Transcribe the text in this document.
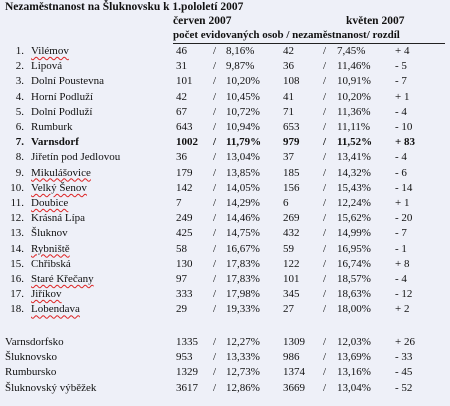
Nezaměstnanost na Šluknovsku k 1.pololetí 2007
červen 2007	květen 2007
počet evidovaných osob / nezaměstnanost/ rozdíl
1. Vilémov	46 / 8,16%	42	/ 7,45%	+ 4
2. Lipová	31 / 9,87%	36	/ 11,46% - 5
3. Dolní Poustevna	101 / 10,20% 108 / 10,91% - 7
4. Horní Podluží	42 / 10,45% 41	/ 10,20% + 1
5. Dolní Podluží	67 / 10,72% 71	/ 11,36% - 4
6. Rumburk	643 / 10,94% 653 / 11,11% - 10
7. Varnsdorf	1002 / 11,79% 979 / 11,52% + 83
8. Jiřetín pod Jedlovou	36 / 13,04% 37	/ 13,41% - 4
9. Mikulášovice	179 / 13,85% 185 / 14,32% - 6
10. Velký Šenov	142 / 14,05% 156 / 15,43% - 14
11. Doubice	7	/ 14,29% 6	/ 12,24% + 1
12. Krásná Lípa	249 / 14,46% 269 / 15,62% - 20
13. Šluknov	425 / 14,75% 432 / 14,99% - 7
14. Rybniště	58 / 16,67% 59	/ 16,95% - 1
15. Chřibská	130 / 17,83% 122 / 16,74% + 8
16. Staré Křečany	97 / 17,83% 101 / 18,57% - 4
17. Jiříkov	333 / 17,98% 345 / 18,63% - 12
18. Lobendava	29 / 19,33% 27	/ 18,00% + 2
Varnsdorfsko	1335 / 12,27% 1309 / 12,03% + 26
Šluknovsko	953 / 13,33% 986 / 13,69% - 33
Rumbursko	1329 / 12,73% 1374 / 13,16% - 45
Šluknovský výběžek	3617 / 12,86% 3669 / 13,04% - 52
